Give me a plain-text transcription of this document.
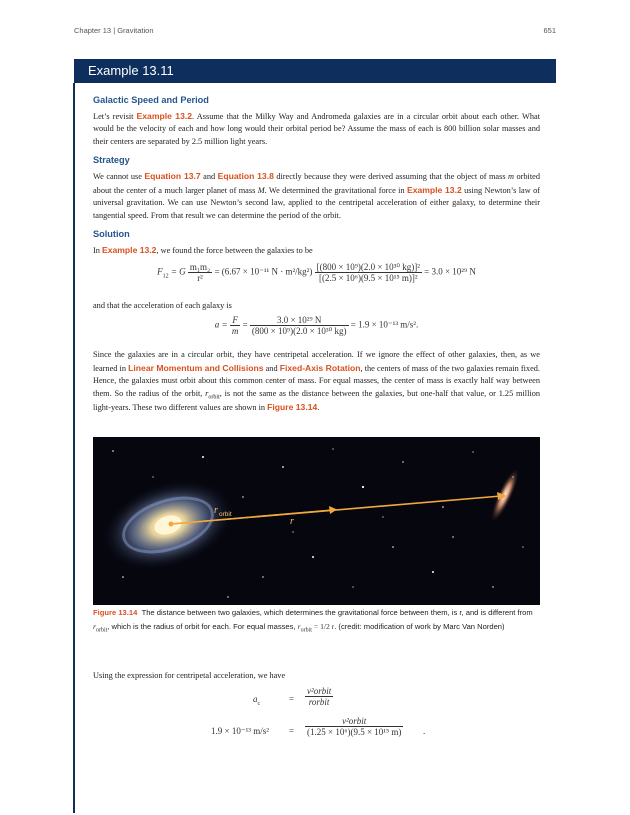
Chapter 13 | Gravitation	651
Example 13.11
Galactic Speed and Period

Let’s revisit Example 13.2. Assume that the Milky Way and Andromeda galaxies are in a circular orbit about each other. What would be the velocity of each and how long would their orbital period be? Assume the mass of each is 800 billion solar masses and their centers are separated by 2.5 million light years.

Strategy

We cannot use Equation 13.7 and Equation 13.8 directly because they were derived assuming that the object of mass m orbited about the center of a much larger planet of mass M. We determined the gravitational force in Example 13.2 using Newton’s law of universal gravitation. We can use Newton’s second law, applied to the centripetal acceleration of either galaxy, to determine their tangential speed. From that result we can determine the period of the orbit.

Solution

In Example 13.2, we found the force between the galaxies to be

$F_{12} = G \frac{\text{m₁m₂}}{\text{r²}} = (6.67 \times 10^{-11}$ $N \cdot m^2/kg^2) \frac{\text{[(800 × 10⁹)(2.0 × 10³⁰ kg)]²}}{\text{[(2.5 × 10⁶)(9.5 × 10¹⁵ m)]²}} = 3.0 \times 10^{29}$ N

and that the acceleration of each galaxy is

$a = \frac{F}{m} = \frac{\text{3.0 × 10²⁹ N}}{\text{(800 × 10⁹)(2.0 × 10³⁰ kg)}} = 1.9 \times 10^{-13}$ m/s².

Since the galaxies are in a circular orbit, they have centripetal acceleration. If we ignore the effect of other galaxies, then, as we learned in Linear Momentum and Collisions and Fixed-Axis Rotation, the centers of mass of the two galaxies remain fixed. Hence, the galaxies must orbit about this common center of mass. For equal masses, the center of mass is exactly half way between them. So the radius of the orbit, $r_{orbit}$, is not the same as the distance between the galaxies, but one-half that value, or 1.25 million light-years. These two different values are shown in Figure 13.14.

r orbit
r
Figure 13.14 The distance between two galaxies, which determines the gravitational force between them, is r, and is different from $r_{orbit}$, which is the radius of orbit for each. For equal masses, $r_{orbit} = 1/2$ r. (credit: modification of work by Marc Van Norden)
Using the expression for centripetal acceleration, we have
$a_c$	=
v²orbit
rorbit
1.9 × 10⁻¹³ m/s² =
v²orbit
(1.25 × 10⁶)(9.5 × 10¹⁵ m) .
